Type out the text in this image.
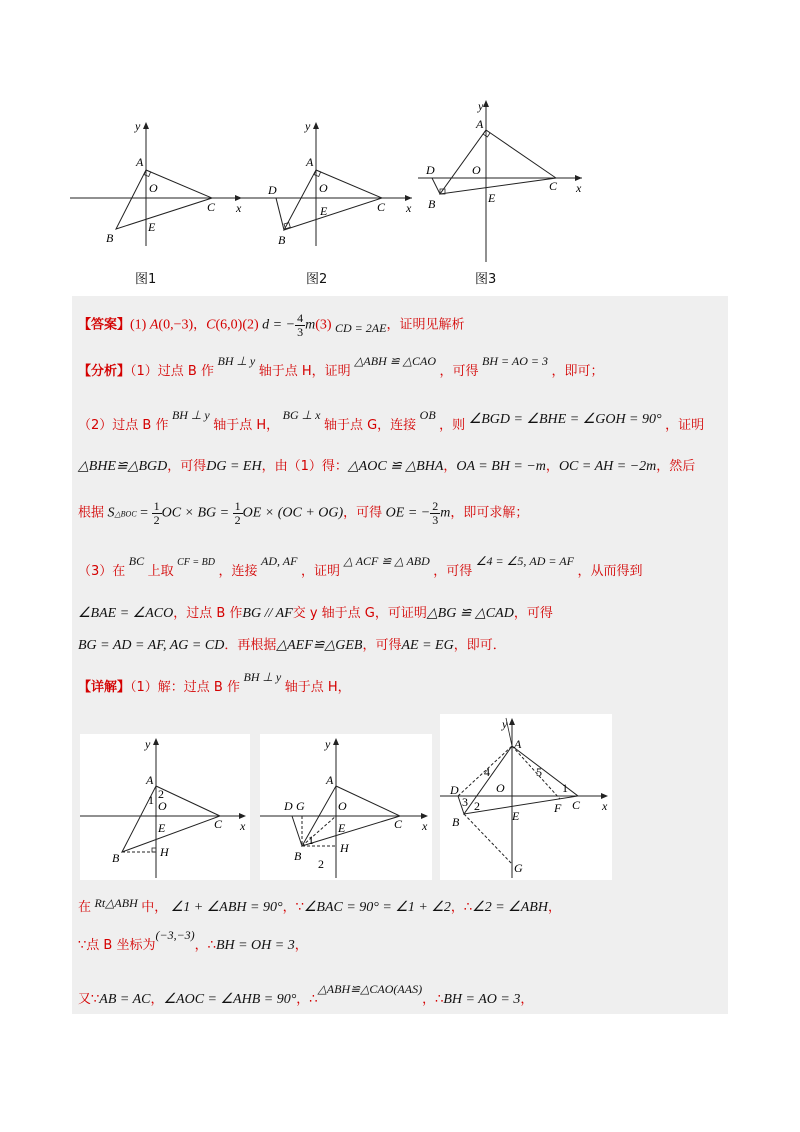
y
x
A
O
C
B
E
图1
y
x
A
O
C
B
E
D
图2
y
x
A
O
C
B	E
D
图3
【答案】(1) A(0,−3)，C(6,0)(2) d = − $\frac{4}{3} m(3)$ CD = 2AE，证明见解析
【分析】（1）过点 B 作 BH ⊥ y 轴于点 H，证明 △ABH ≌ △CAO ，可得 BH = AO = 3 ，即可；
（2）过点 B 作 BH ⊥ y 轴于点 H， BG ⊥ x 轴于点 G，连接 OB ，则 ∠BGD = ∠BHE = ∠GOH = 90° ，证明
△BHE≌△BGD，可得DG = EH，由（1）得：△AOC ≌ △BHA，OA = BH = −m，OC = AH = −2m，然后
根据 S△BOC = $\frac{1}{2}$ OC × BG = $\frac{1}{2}$ OE × (OC + OG)，可得 OE = − $\frac{2}{3}$ m，即可求解；
（3）在 BC 上取 $^{CF = BD}$ ，连接 AD, AF ，证明 △ ACF ≌ △ ABD ，可得 ∠4 = ∠5, AD = AF ，从而得到
∠BAE = ∠ACO，过点 B 作BG // AF交 y 轴于点 G，可证明△BG ≌ △CAD，可得
BG = AD = AF, AG = CD．再根据△AEF≌△GEB，可得AE = EG，即可．
【详解】（1）解：过点 B 作 BH ⊥ y 轴于点 H，
y
x
A
O
C
B
E
H
1 2
y
x
A
O
C
B
E
H
D G
1
2
y
x
A
O
C
B	E
D
F
G
1
2
3
4	5
在 Rt△ABH 中， ∠1 + ∠ABH = 90°，∵∠BAC = 90° = ∠1 + ∠2，∴∠2 = ∠ABH，
∵点 B 坐标为(−3,−3)，∴BH = OH = 3，
又∵AB = AC，∠AOC = ∠AHB = 90°，∴△ABH≌△CAO(AAS)，∴BH = AO = 3，
